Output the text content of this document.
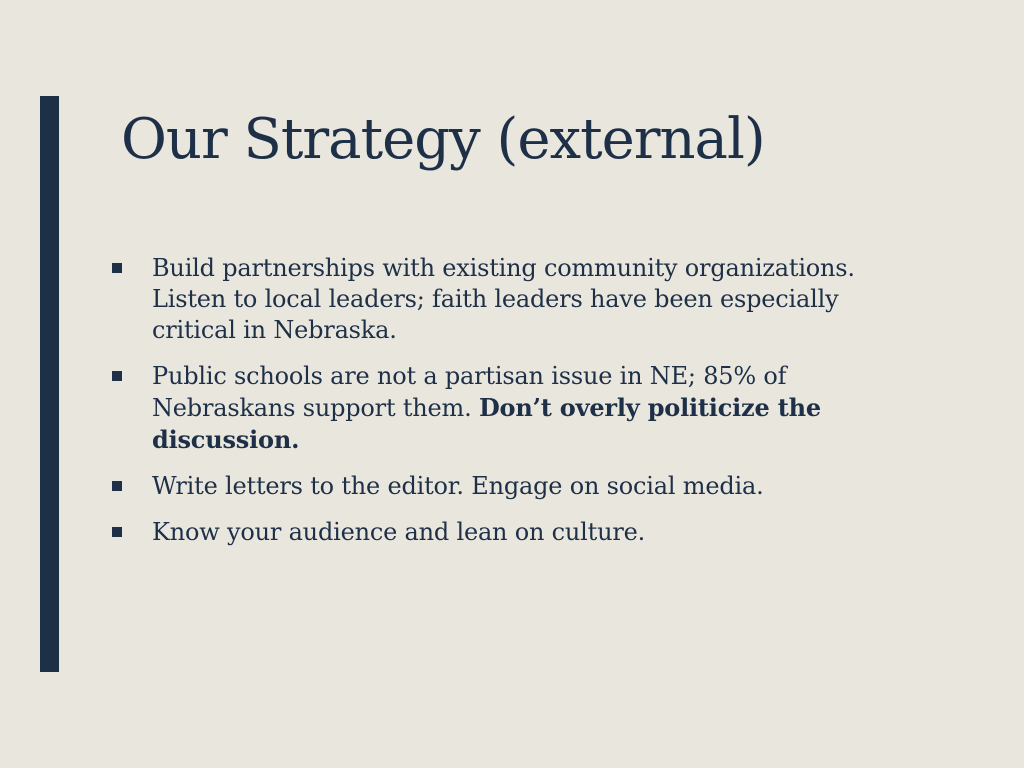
Our Strategy (external)
Build partnerships with existing community organizations. Listen to local leaders; faith leaders have been especially critical in Nebraska.
Public schools are not a partisan issue in NE; 85% of Nebraskans support them. Don’t overly politicize the discussion.
Write letters to the editor. Engage on social media.
Know your audience and lean on culture.
